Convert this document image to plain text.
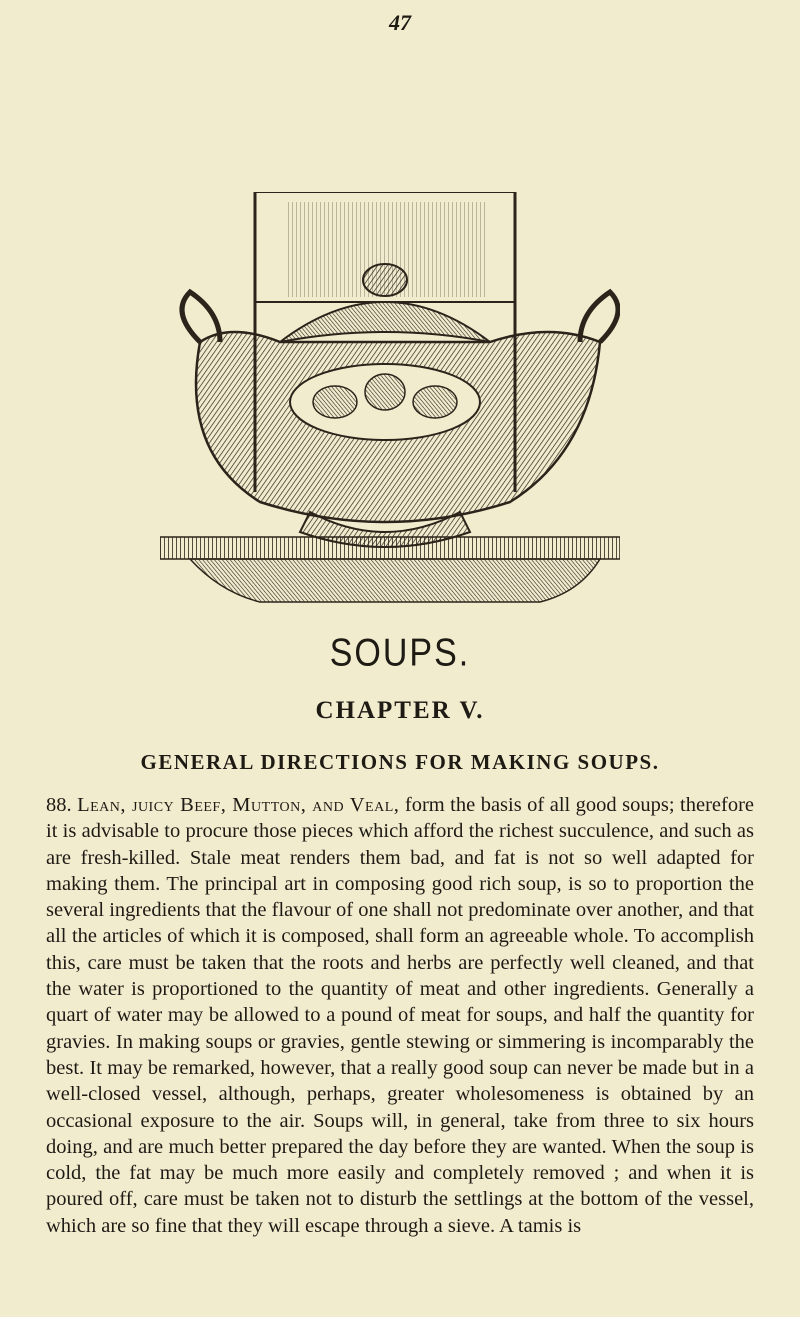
47
SOUPS.
CHAPTER V.
GENERAL DIRECTIONS FOR MAKING SOUPS.

88. Lean, juicy Beef, Mutton, and Veal, form the basis of all good soups; therefore it is advisable to procure those pieces which afford the richest succulence, and such as are fresh-killed. Stale meat renders them bad, and fat is not so well adapted for making them. The principal art in composing good rich soup, is so to proportion the several ingredients that the flavour of one shall not predominate over another, and that all the articles of which it is composed, shall form an agreeable whole. To accomplish this, care must be taken that the roots and herbs are perfectly well cleaned, and that the water is proportioned to the quantity of meat and other ingredients. Generally a quart of water may be allowed to a pound of meat for soups, and half the quantity for gravies. In making soups or gravies, gentle stewing or simmering is incomparably the best. It may be remarked, however, that a really good soup can never be made but in a well-closed vessel, although, perhaps, greater wholesomeness is obtained by an occasional exposure to the air. Soups will, in general, take from three to six hours doing, and are much better prepared the day before they are wanted. When the soup is cold, the fat may be much more easily and completely removed ; and when it is poured off, care must be taken not to disturb the settlings at the bottom of the vessel, which are so fine that they will escape through a sieve. A tamis is
